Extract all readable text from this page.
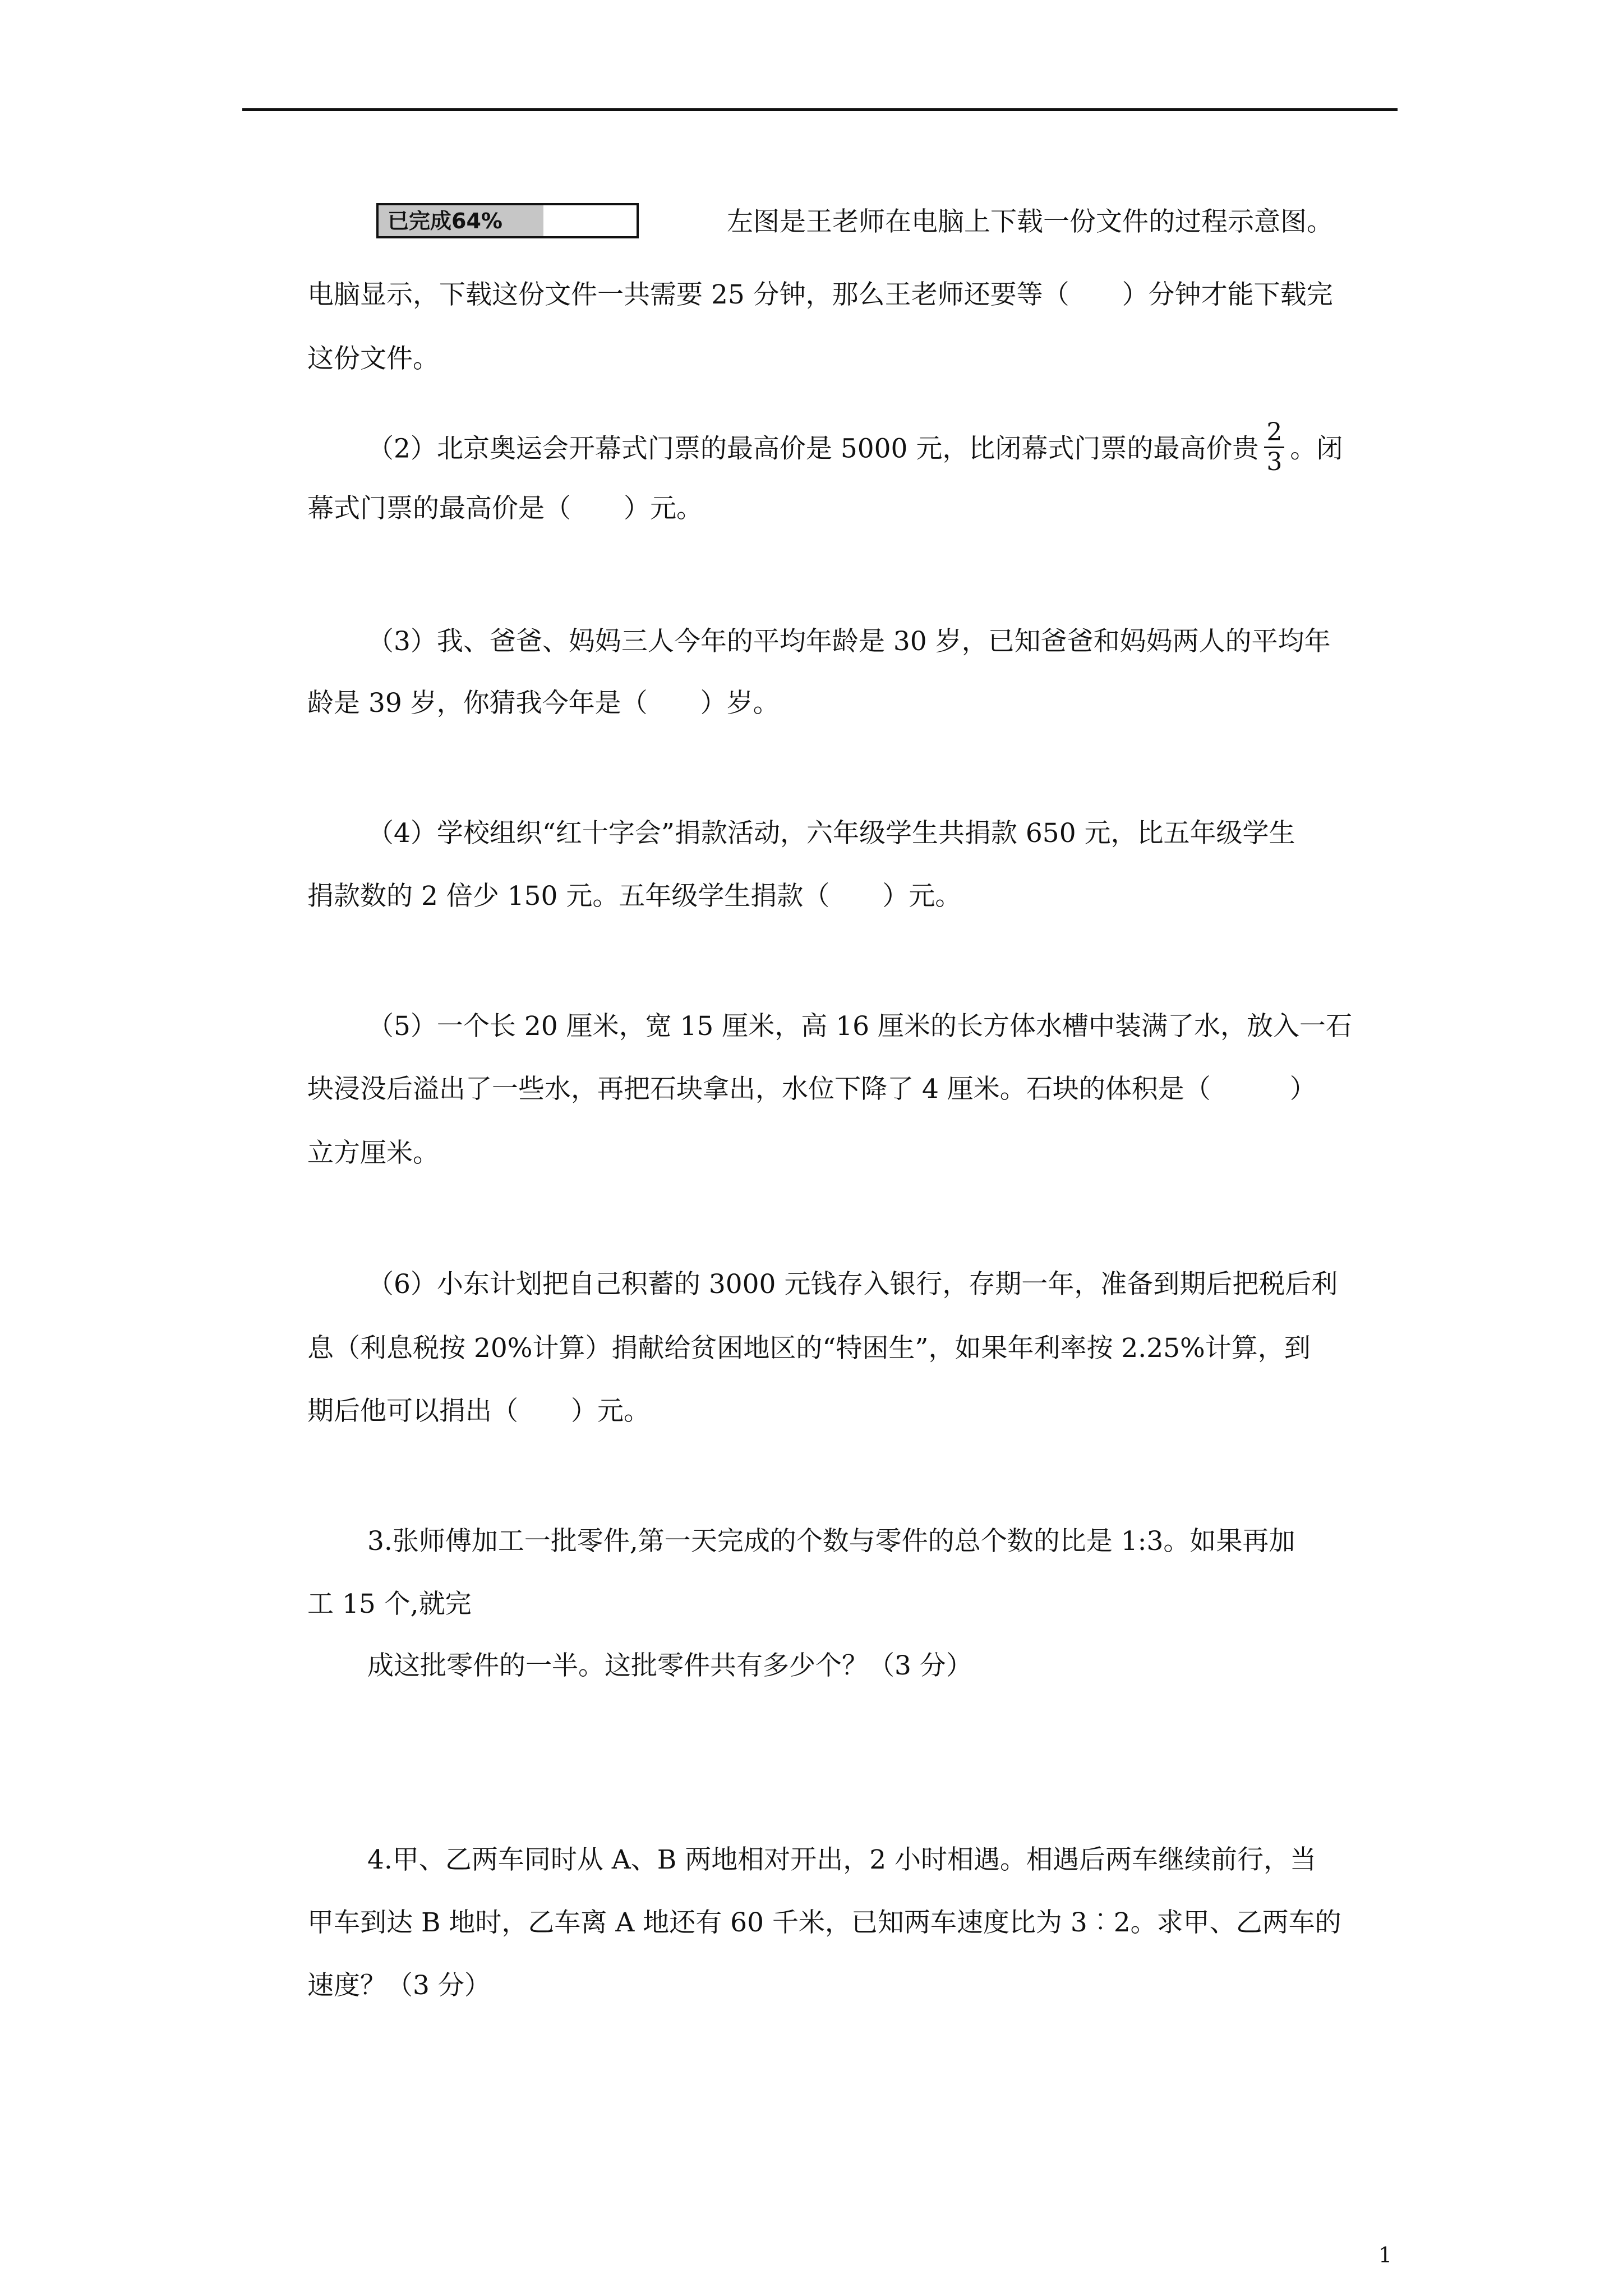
已完成64%	左图是王老师在电脑上下载一份文件的过程示意图。
电脑显示，下载这份文件一共需要 25 分钟，那么王老师还要等（　　）分钟才能下载完
这份文件。
（2）北京奥运会开幕式门票的最高价是 5000 元，比闭幕式门票的最高价贵 $\frac{2}{3}$ 。闭
幕式门票的最高价是（　　）元。
（3）我、爸爸、妈妈三人今年的平均年龄是 30 岁，已知爸爸和妈妈两人的平均年
龄是 39 岁，你猜我今年是（　　）岁。
（4）学校组织“红十字会”捐款活动，六年级学生共捐款 650 元，比五年级学生
捐款数的 2 倍少 150 元。五年级学生捐款（　　）元。
（5）一个长 20 厘米，宽 15 厘米，高 16 厘米的长方体水槽中装满了水，放入一石
块浸没后溢出了一些水，再把石块拿出，水位下降了 4 厘米。石块的体积是（　　　）
立方厘米。
（6）小东计划把自己积蓄的 3000 元钱存入银行，存期一年，准备到期后把税后利
息（利息税按 20%计算）捐献给贫困地区的“特困生”，如果年利率按 2.25%计算，到
期后他可以捐出（　　）元。
3.张师傅加工一批零件,第一天完成的个数与零件的总个数的比是 1:3。如果再加
工 15 个,就完
成这批零件的一半。这批零件共有多少个？（3 分）
4.甲、乙两车同时从 A、B 两地相对开出，2 小时相遇。相遇后两车继续前行，当
甲车到达 B 地时，乙车离 A 地还有 60 千米，已知两车速度比为 3︰2。求甲、乙两车的
速度？（3 分）
1
